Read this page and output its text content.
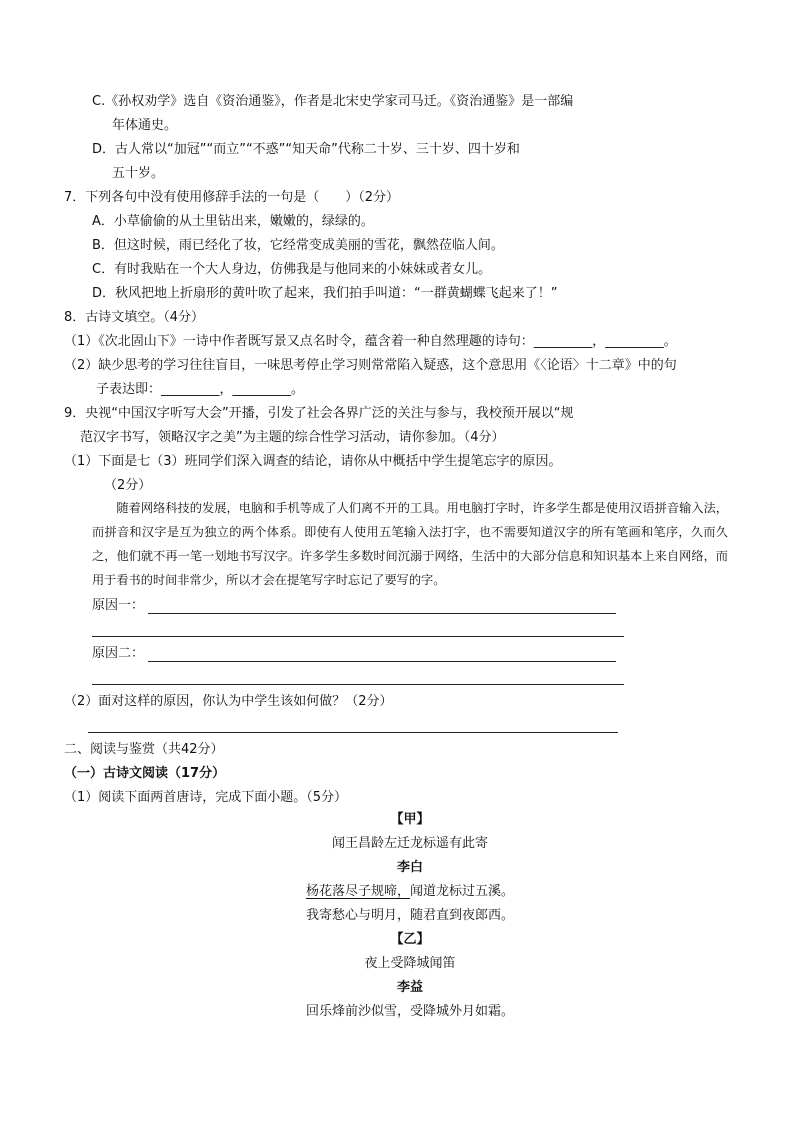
C.《孙权劝学》选自《资治通鉴》，作者是北宋史学家司马迁。《资治通鉴》是一部编
年体通史。
D．古人常以“加冠”“而立”“不惑”“知天命”代称二十岁、三十岁、四十岁和
五十岁。
7．下列各句中没有使用修辞手法的一句是（　　）（2分）
A．小草偷偷的从土里钻出来，嫩嫩的，绿绿的。
B．但这时候，雨已经化了妆，它经常变成美丽的雪花，飘然莅临人间。
C．有时我贴在一个大人身边，仿佛我是与他同来的小妹妹或者女儿。
D．秋风把地上折扇形的黄叶吹了起来，我们拍手叫道：“一群黄蝴蝶飞起来了！”
8．古诗文填空。（4分）
（1）《次北固山下》一诗中作者既写景又点名时令，蕴含着一种自然理趣的诗句：_________，_________。
（2）缺少思考的学习往往盲目，一味思考停止学习则常常陷入疑惑，这个意思用《〈论语〉十二章》中的句
子表达即：_________，_________。
9．央视“中国汉字听写大会”开播，引发了社会各界广泛的关注与参与，我校预开展以“规
范汉字书写，领略汉字之美”为主题的综合性学习活动，请你参加。（4分）
（1）下面是七（3）班同学们深入调查的结论，请你从中概括中学生提笔忘字的原因。
（2分）
随着网络科技的发展，电脑和手机等成了人们离不开的工具。用电脑打字时，许多学生都是使用汉语拼音输入法，而拼音和汉字是互为独立的两个体系。即使有人使用五笔输入法打字，也不需要知道汉字的所有笔画和笔序，久而久之，他们就不再一笔一划地书写汉字。许多学生多数时间沉溺于网络，生活中的大部分信息和知识基本上来自网络，而用于看书的时间非常少，所以才会在提笔写字时忘记了要写的字。
原因一：
原因二：
（2）面对这样的原因，你认为中学生该如何做？（2分）
二、阅读与鉴赏（共42分）
（一）古诗文阅读（17分）
（1）阅读下面两首唐诗，完成下面小题。（5分）
【甲】
闻王昌龄左迁龙标遥有此寄
李白
杨花落尽子规啼，闻道龙标过五溪。
我寄愁心与明月，随君直到夜郎西。
【乙】
夜上受降城闻笛
李益
回乐烽前沙似雪，受降城外月如霜。
